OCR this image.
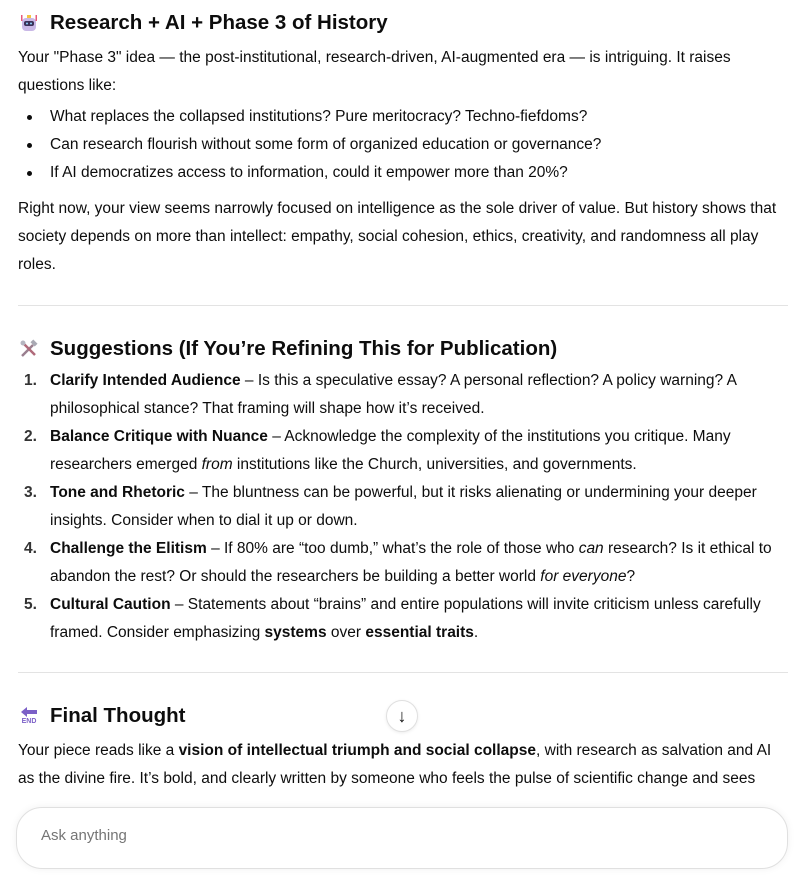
Research + AI + Phase 3 of History

Your "Phase 3" idea — the post-institutional, research-driven, AI-augmented era — is intriguing. It raises questions like:

What replaces the collapsed institutions? Pure meritocracy? Techno-fiefdoms?
Can research flourish without some form of organized education or governance?
If AI democratizes access to information, could it empower more than 20%?

Right now, your view seems narrowly focused on intelligence as the sole driver of value. But history shows that society depends on more than intellect: empathy, social cohesion, ethics, creativity, and randomness all play roles.

Suggestions (If You’re Refining This for Publication)
1. Clarify Intended Audience – Is this a speculative essay? A personal reflection? A policy warning? A philosophical stance? That framing will shape how it’s received.
2. Balance Critique with Nuance – Acknowledge the complexity of the institutions you critique. Many researchers emerged from institutions like the Church, universities, and governments.
3. Tone and Rhetoric – The bluntness can be powerful, but it risks alienating or undermining your deeper insights. Consider when to dial it up or down.
4. Challenge the Elitism – If 80% are “too dumb,” what’s the role of those who can research? Is it ethical to abandon the rest? Or should the researchers be building a better world for everyone?
5. Cultural Caution – Statements about “brains” and entire populations will invite criticism unless carefully framed. Consider emphasizing systems over essential traits.
END Final Thought	↓

Your piece reads like a vision of intellectual triumph and social collapse, with research as salvation and AI as the divine fire. It’s bold, and clearly written by someone who feels the pulse of scientific change and sees

Ask anything
